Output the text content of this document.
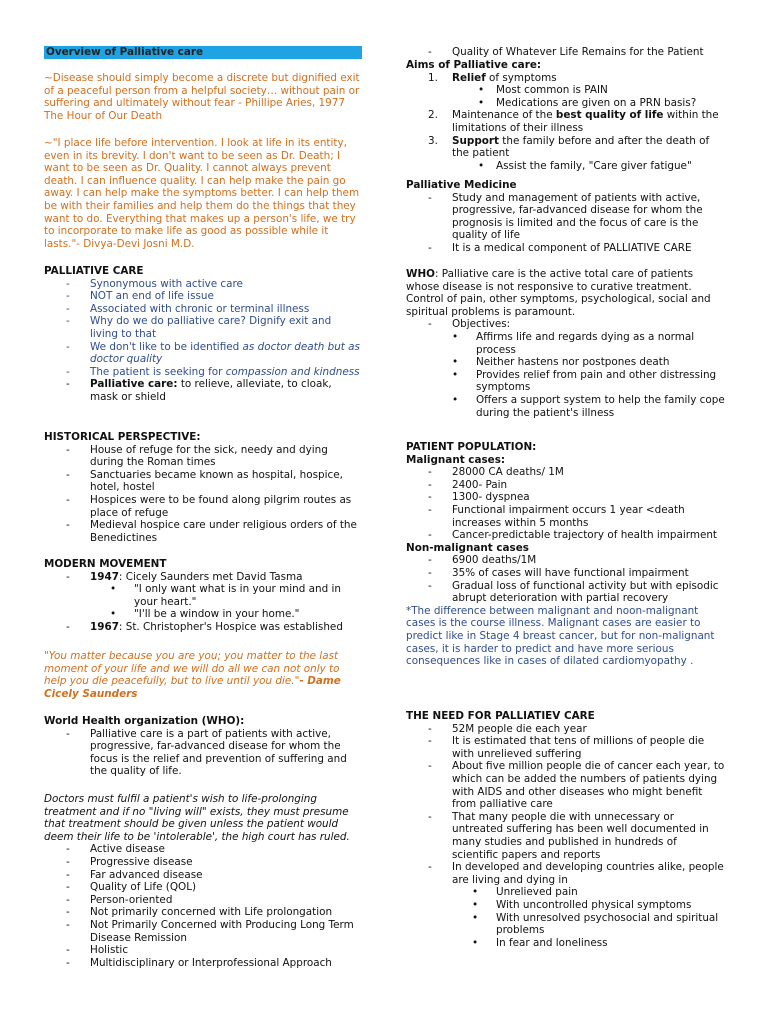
Overview of Palliative care

~Disease should simply become a discrete but dignified exit of a peaceful person from a helpful society… without pain or suffering and ultimately without fear - Phillipe Aries, 1977 The Hour of Our Death

~"I place life before intervention. I look at life in its entity, even in its brevity. I don't want to be seen as Dr. Death; I want to be seen as Dr. Quality. I cannot always prevent death. I can influence quality. I can help make the pain go away. I can help make the symptoms better. I can help them be with their families and help them do the things that they want to do. Everything that makes up a person's life, we try to incorporate to make life as good as possible while it lasts."- Divya-Devi Josni M.D.

PALLIATIVE CARE

- Synonymous with active care

- NOT an end of life issue

- Associated with chronic or terminal illness

- Why do we do palliative care? Dignify exit and living to that

- We don't like to be identified as doctor death but as doctor quality

- The patient is seeking for compassion and kindness

- Palliative care: to relieve, alleviate, to cloak, mask or shield

HISTORICAL PERSPECTIVE:

- House of refuge for the sick, needy and dying during the Roman times

- Sanctuaries became known as hospital, hospice, hotel, hostel

- Hospices were to be found along pilgrim routes as place of refuge

- Medieval hospice care under religious orders of the Benedictines

MODERN MOVEMENT

- 1947: Cicely Saunders met David Tasma

• "I only want what is in your mind and in your heart."

• "I'll be a window in your home."

- 1967: St. Christopher's Hospice was established

"You matter because you are you; you matter to the last moment of your life and we will do all we can not only to help you die peacefully, but to live until you die."- Dame Cicely Saunders

World Health organization (WHO):

- Palliative care is a part of patients with active, progressive, far-advanced disease for whom the focus is the relief and prevention of suffering and the quality of life.

Doctors must fulfil a patient's wish to life-prolonging treatment and if no "living will" exists, they must presume that treatment should be given unless the patient would deem their life to be 'intolerable', the high court has ruled.

- Active disease

- Progressive disease

- Far advanced disease

- Quality of Life (QOL)

- Person-oriented

- Not primarily concerned with Life prolongation

- Not Primarily Concerned with Producing Long Term Disease Remission

- Holistic

- Multidisciplinary or Interprofessional Approach

- Quality of Whatever Life Remains for the Patient

Aims of Palliative care:

1. Relief of symptoms

• Most common is PAIN

• Medications are given on a PRN basis?

2. Maintenance of the best quality of life within the limitations of their illness

3. Support the family before and after the death of the patient

• Assist the family, "Care giver fatigue"

Palliative Medicine

- Study and management of patients with active, progressive, far-advanced disease for whom the prognosis is limited and the focus of care is the quality of life

- It is a medical component of PALLIATIVE CARE

WHO: Palliative care is the active total care of patients whose disease is not responsive to curative treatment. Control of pain, other symptoms, psychological, social and spiritual problems is paramount.

- Objectives:

• Affirms life and regards dying as a normal process

• Neither hastens nor postpones death

• Provides relief from pain and other distressing symptoms

• Offers a support system to help the family cope during the patient's illness

PATIENT POPULATION:

Malignant cases:

- 28000 CA deaths/ 1M

- 2400- Pain

- 1300- dyspnea

- Functional impairment occurs 1 year <death increases within 5 months

- Cancer-predictable trajectory of health impairment

Non-malignant cases

- 6900 deaths/1M

- 35% of cases will have functional impairment

- Gradual loss of functional activity but with episodic abrupt deterioration with partial recovery

*The difference between malignant and noon-malignant cases is the course illness. Malignant cases are easier to predict like in Stage 4 breast cancer, but for non-malignant cases, it is harder to predict and have more serious consequences like in cases of dilated cardiomyopathy .

THE NEED FOR PALLIATIEV CARE

- 52M people die each year

- It is estimated that tens of millions of people die with unrelieved suffering

- About five million people die of cancer each year, to which can be added the numbers of patients dying with AIDS and other diseases who might benefit from palliative care

- That many people die with unnecessary or untreated suffering has been well documented in many studies and published in hundreds of scientific papers and reports

- In developed and developing countries alike, people are living and dying in

• Unrelieved pain

• With uncontrolled physical symptoms

• With unresolved psychosocial and spiritual problems

• In fear and loneliness
